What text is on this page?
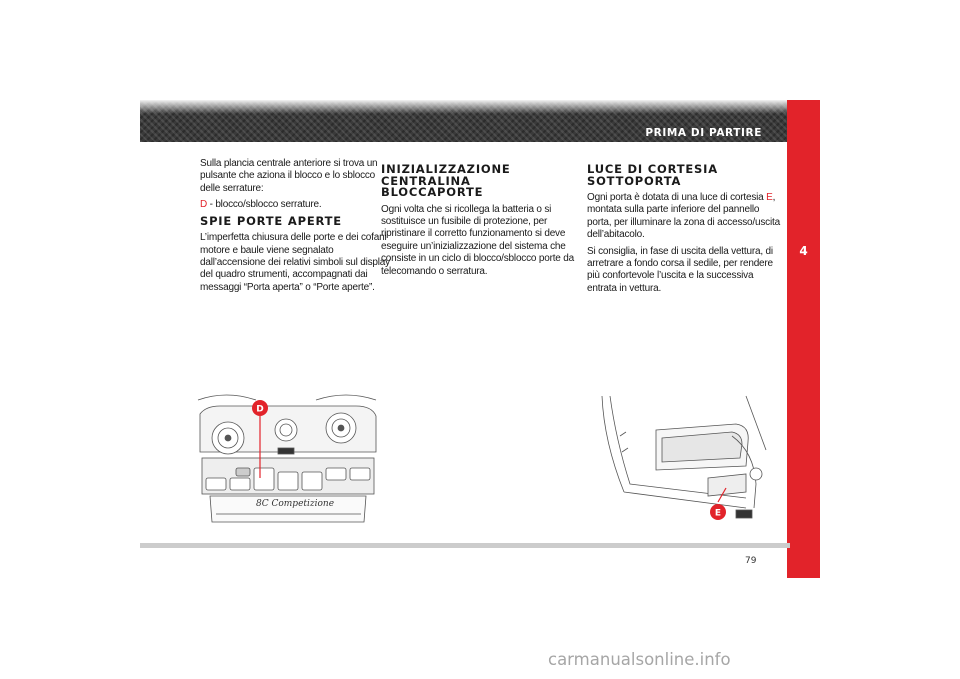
PRIMA DI PARTIRE
4

Sulla plancia centrale anteriore si trova un pulsante che aziona il blocco e lo sblocco delle serrature:

D - blocco/sblocco serrature.

SPIE PORTE APERTE

L’imperfetta chiusura delle porte e dei cofani motore e baule viene segnalato dall’accensione dei relativi simboli sul display del quadro strumenti, accompagnati dai messaggi “Porta aperta” o “Porte aperte”.

INIZIALIZZAZIONE CENTRALINA BLOCCAPORTE

Ogni volta che si ricollega la batteria o si sostituisce un fusibile di protezione, per ripristinare il corretto funzionamento si deve eseguire un’inizializzazione del sistema che consiste in un ciclo di blocco/sblocco porte da telecomando o serratura.

LUCE DI CORTESIA SOTTOPORTA

Ogni porta è dotata di una luce di cortesia E, montata sulla parte inferiore del pannello porta, per illuminare la zona di accesso/uscita dell’abitacolo.

Si consiglia, in fase di uscita della vettura, di arretrare a fondo corsa il sedile, per rendere più confortevole l’uscita e la successiva entrata in vettura.

8C Competizione
D
E
79
carmanualsonline.info
